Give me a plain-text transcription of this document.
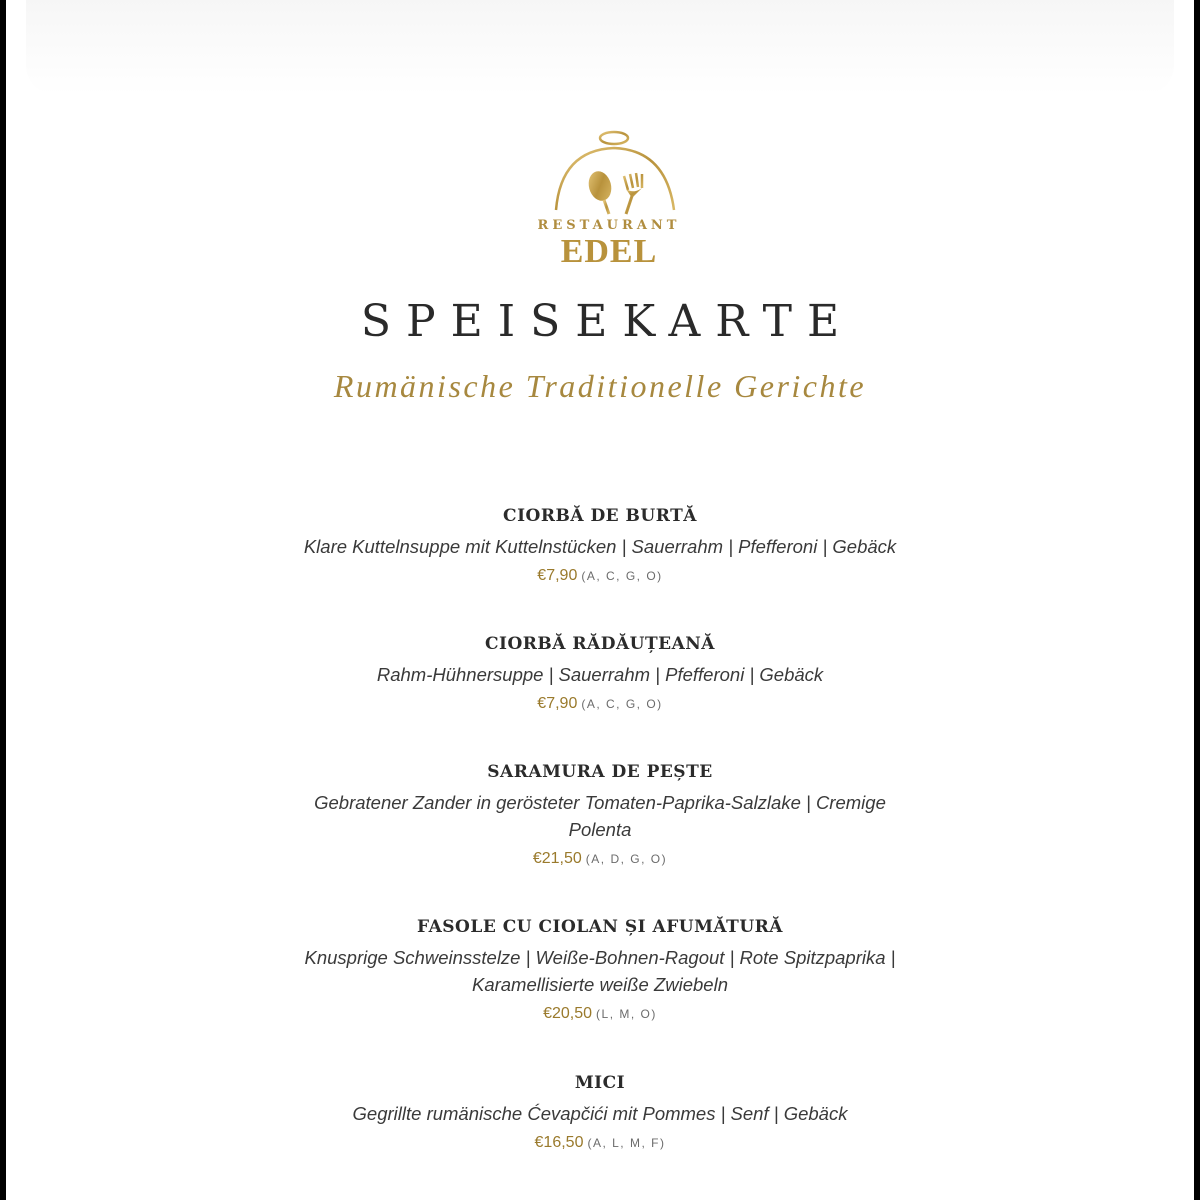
RESTAURANT
EDEL
SPEISEKARTE
Rumänische Traditionelle Gerichte
CIORBĂ DE BURTĂ
Klare Kuttelnsuppe mit Kuttelnstücken | Sauerrahm | Pfefferoni | Gebäck
€7,90 (A, C, G, O)
CIORBĂ RĂDĂUȚEANĂ
Rahm-Hühnersuppe | Sauerrahm | Pfefferoni | Gebäck
€7,90 (A, C, G, O)
SARAMURA DE PEȘTE
Gebratener Zander in gerösteter Tomaten-Paprika-Salzlake | Cremige Polenta
€21,50 (A, D, G, O)
FASOLE CU CIOLAN ȘI AFUMĂTURĂ
Knusprige Schweinsstelze | Weiße-Bohnen-Ragout | Rote Spitzpaprika | Karamellisierte weiße Zwiebeln
€20,50 (L, M, O)
MICI
Gegrillte rumänische Ćevapčići mit Pommes | Senf | Gebäck
€16,50 (A, L, M, F)
